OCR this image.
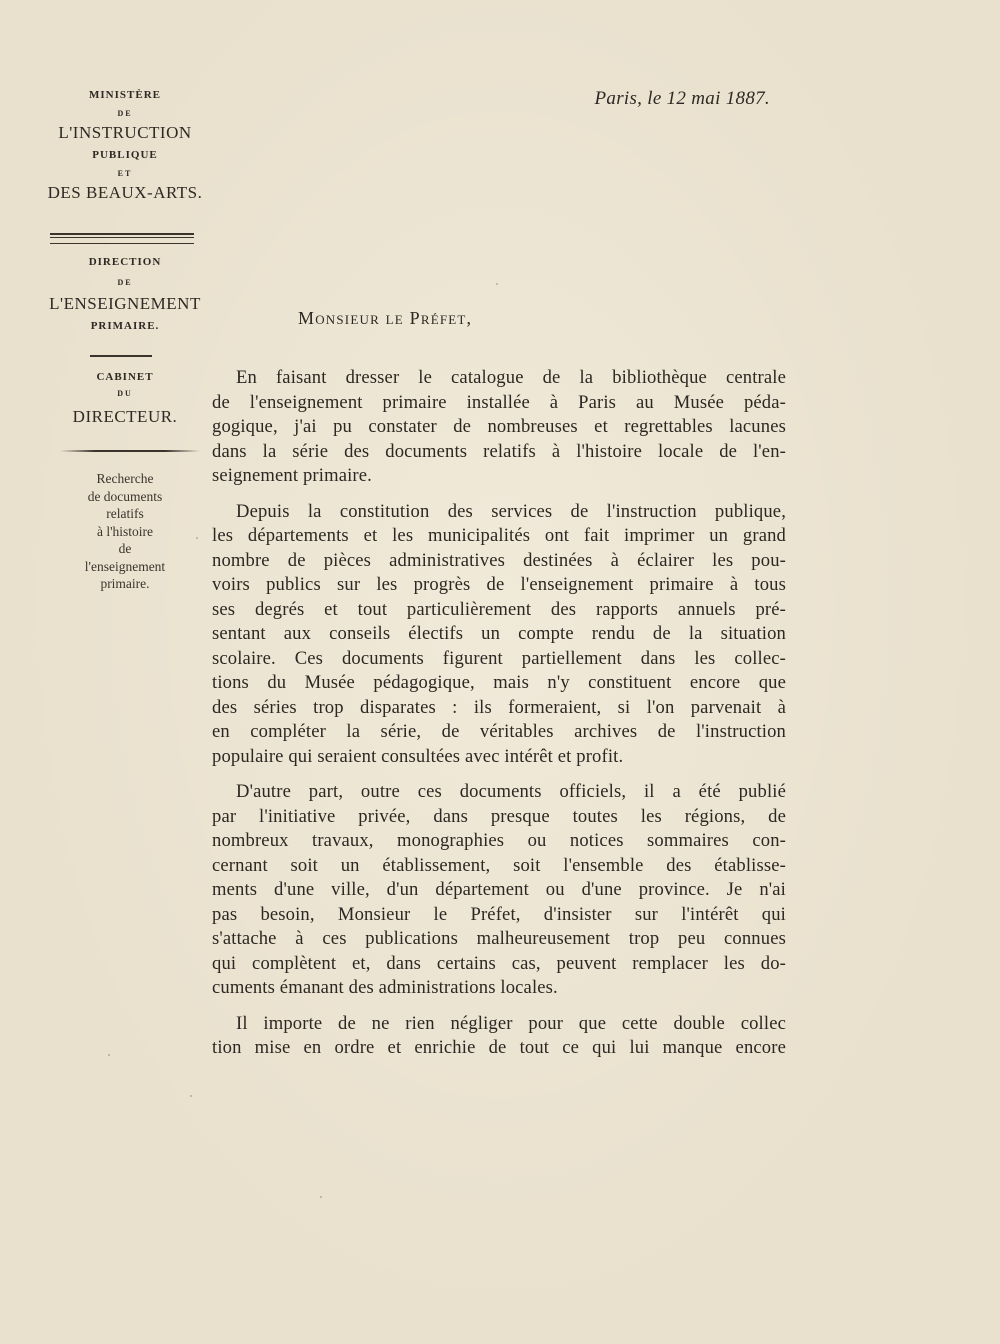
MINISTÈRE
DE
L'INSTRUCTION
PUBLIQUE
ET
DES BEAUX-ARTS.
DIRECTION
DE
L'ENSEIGNEMENT
PRIMAIRE.
CABINET
DU
DIRECTEUR.
Recherche
de documents
relatifs
à l'histoire
de
l'enseignement
primaire.
Paris, le 12 mai 1887.
Monsieur le Préfet,
En faisant dresser le catalogue de la bibliothèque centrale
de l'enseignement primaire installée à Paris au Musée péda-
gogique, j'ai pu constater de nombreuses et regrettables lacunes
dans la série des documents relatifs à l'histoire locale de l'en-
seignement primaire.
Depuis la constitution des services de l'instruction publique,
les départements et les municipalités ont fait imprimer un grand
nombre de pièces administratives destinées à éclairer les pou-
voirs publics sur les progrès de l'enseignement primaire à tous
ses degrés et tout particulièrement des rapports annuels pré-
sentant aux conseils électifs un compte rendu de la situation
scolaire. Ces documents figurent partiellement dans les collec-
tions du Musée pédagogique, mais n'y constituent encore que
des séries trop disparates : ils formeraient, si l'on parvenait à
en compléter la série, de véritables archives de l'instruction
populaire qui seraient consultées avec intérêt et profit.
D'autre part, outre ces documents officiels, il a été publié
par l'initiative privée, dans presque toutes les régions, de
nombreux travaux, monographies ou notices sommaires con-
cernant soit un établissement, soit l'ensemble des établisse-
ments d'une ville, d'un département ou d'une province. Je n'ai
pas besoin, Monsieur le Préfet, d'insister sur l'intérêt qui
s'attache à ces publications malheureusement trop peu connues
qui complètent et, dans certains cas, peuvent remplacer les do-
cuments émanant des administrations locales.
Il importe de ne rien négliger pour que cette double collec
tion mise en ordre et enrichie de tout ce qui lui manque encore
